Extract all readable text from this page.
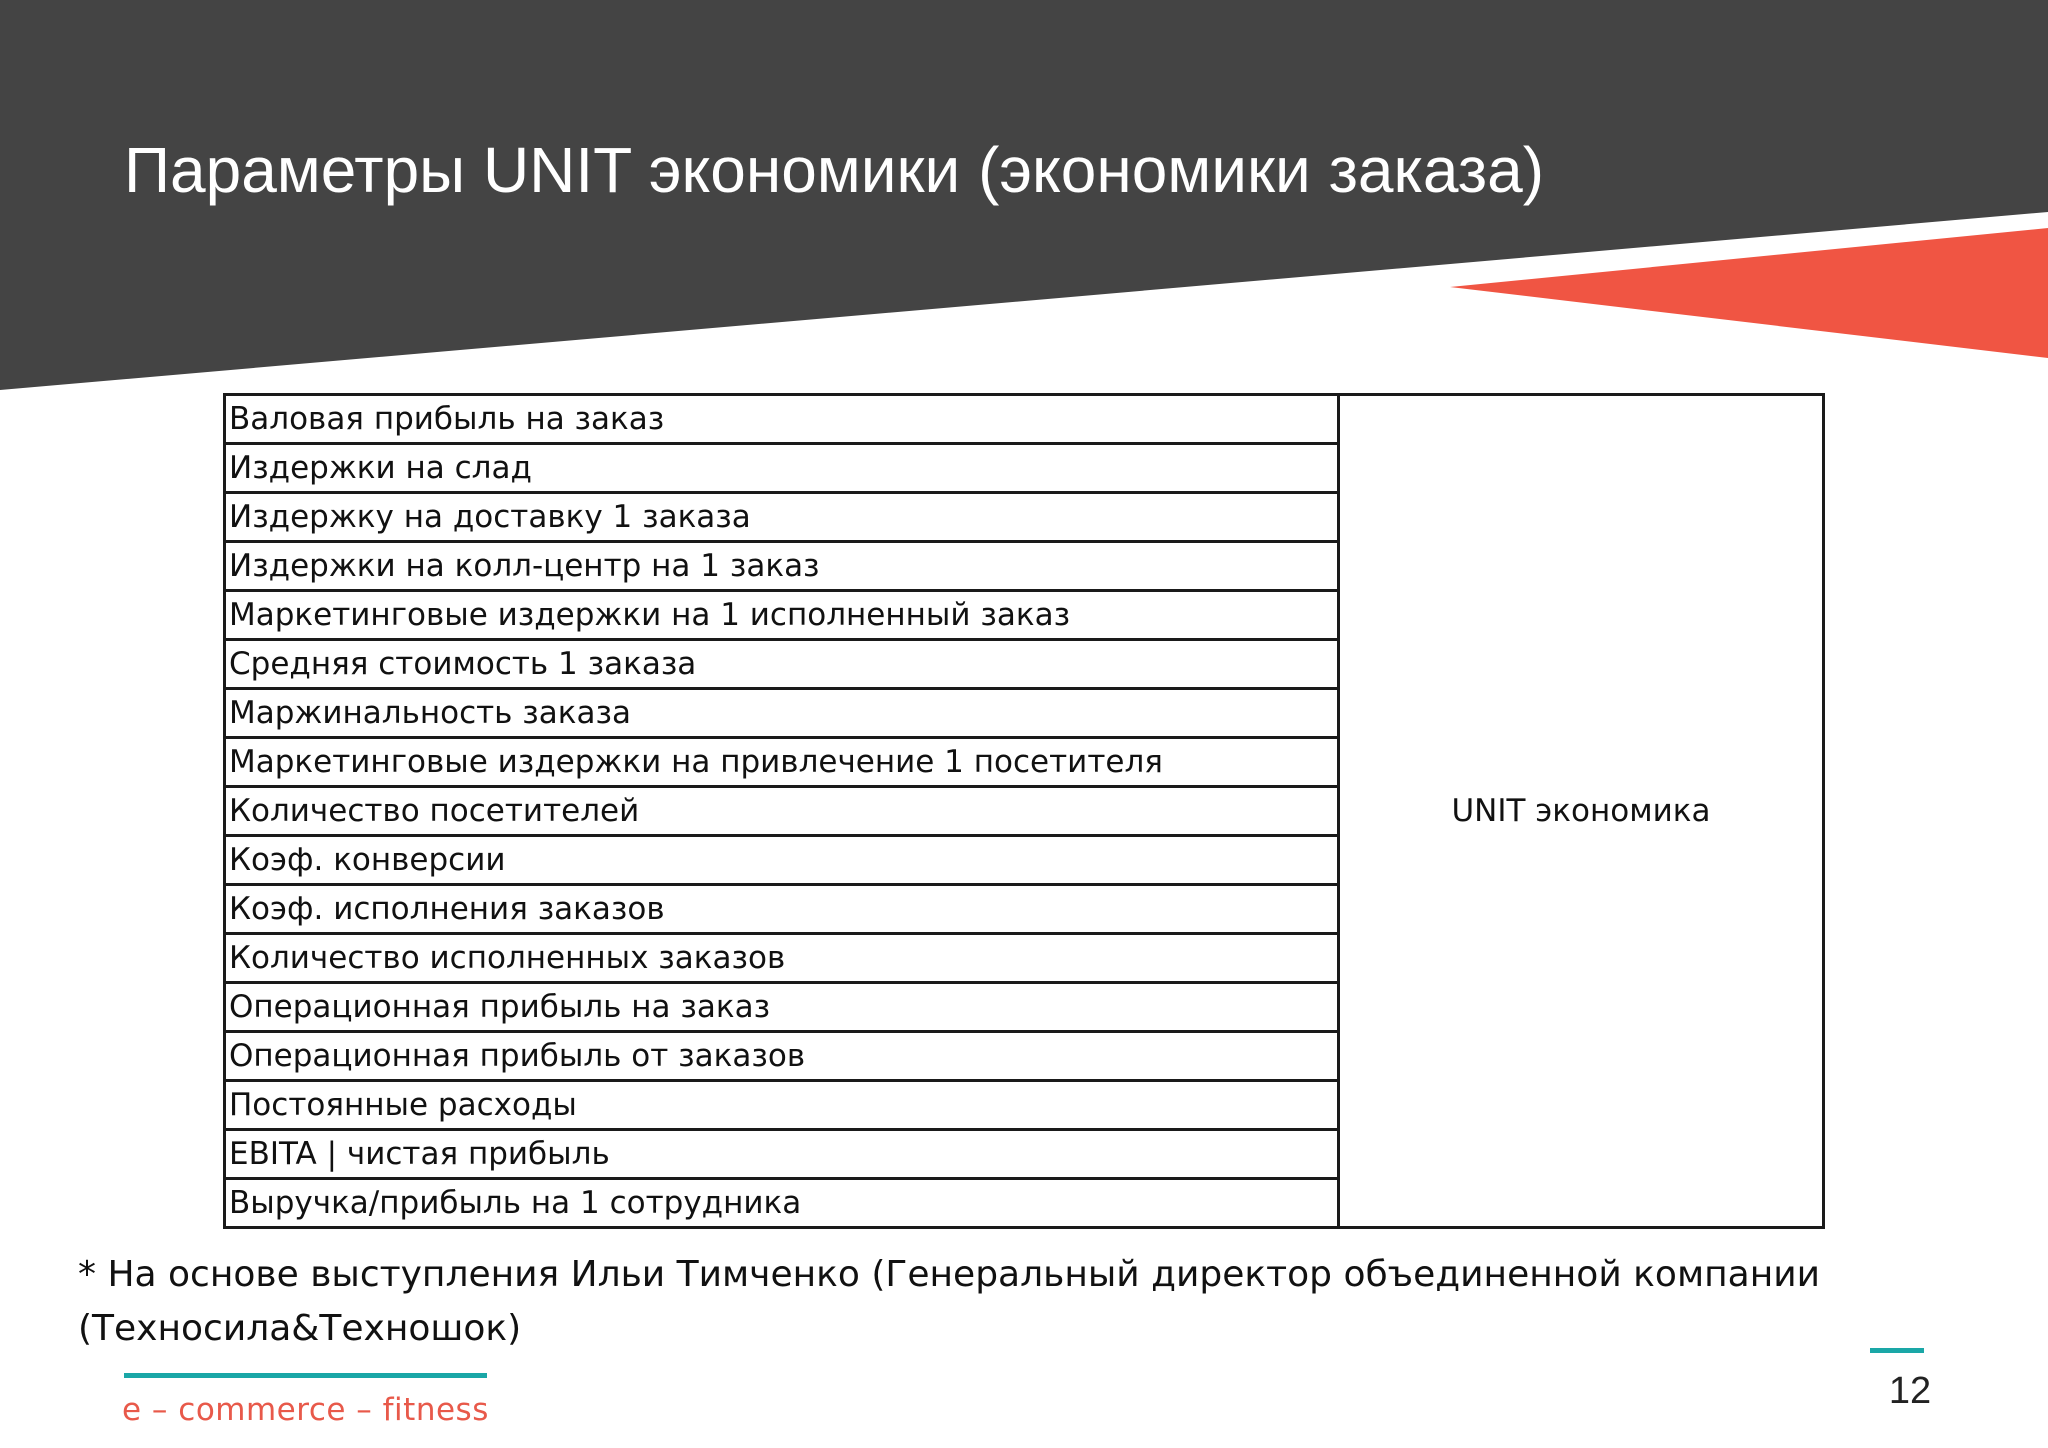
Параметры UNIT экономики (экономики заказа)
Валовая прибыль на заказ	UNIT экономика
Издержки на слад
Издержку на доставку 1 заказа
Издержки на колл-центр на 1 заказ
Маркетинговые издержки на 1 исполненный заказ
Средняя стоимость 1 заказа
Маржинальность заказа
Маркетинговые издержки на привлечение 1 посетителя
Количество посетителей
Коэф. конверсии
Коэф. исполнения заказов
Количество исполненных заказов
Операционная прибыль на заказ
Операционная прибыль от заказов
Постоянные расходы
EBITA | чистая прибыль
Выручка/прибыль на 1 сотрудника
* На основе выступления Ильи Тимченко (Генеральный директор объединенной компании (Техносила&Техношок)
e – commerce – fitness	12
